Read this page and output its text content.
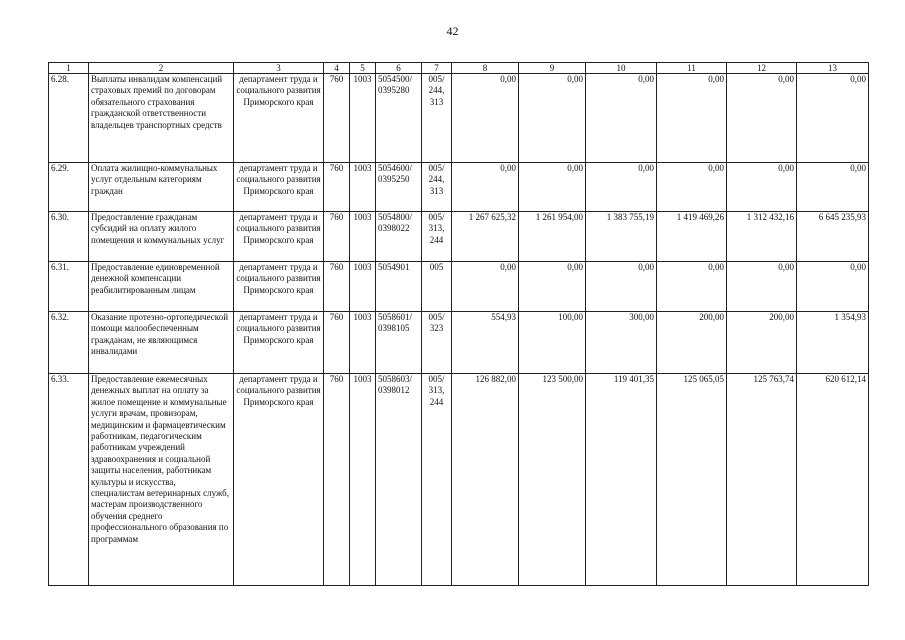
42
1	2	3	4	5	6	7	8	9	10	11	12	13
6.28.	Выплаты инвалидам компенсаций страховых премий по договорам обязательного страхования гражданской ответственности владельцев транспортных средств	департамент труда и социального развития Приморского края	760	1003	5054500/ 0395280	005/ 244, 313	0,00	0,00	0,00	0,00	0,00	0,00
6.29.	Оплата жилищно-коммунальных услуг отдельным категориям граждан	департамент труда и социального развития Приморского края	760	1003	5054600/ 0395250	005/ 244, 313	0,00	0,00	0,00	0,00	0,00	0,00
6.30.	Предоставление гражданам субсидий на оплату жилого помещения и коммунальных услуг	департамент труда и социального развития Приморского края	760	1003	5054800/ 0398022	005/ 313, 244	1 267 625,32	1 261 954,00	1 383 755,19	1 419 469,26	1 312 432,16	6 645 235,93
6.31.	Предоставление единовременной денежной компенсации реабилитированным лицам	департамент труда и социального развития Приморского края	760	1003	5054901	005	0,00	0,00	0,00	0,00	0,00	0,00
6.32.	Оказание протезно-ортопедической помощи малообеспеченным гражданам, не являющимся инвалидами	департамент труда и социального развития Приморского края	760	1003	5058601/ 0398105	005/ 323	554,93	100,00	300,00	200,00	200,00	1 354,93
6.33.	Предоставление ежемесячных денежных выплат на оплату за жилое помещение и коммунальные услуги врачам, провизорам, медицинским и фармацевтическим работникам, педагогическим работникам учреждений здравоохранения и социальной защиты населения, работникам культуры и искусства, специалистам ветеринарных служб, мастерам производственного обучения среднего профессионального образования по программам	департамент труда и социального развития Приморского края	760	1003	5058603/ 0398012	005/ 313, 244	126 882,00	123 500,00	119 401,35	125 065,05	125 763,74	620 612,14
